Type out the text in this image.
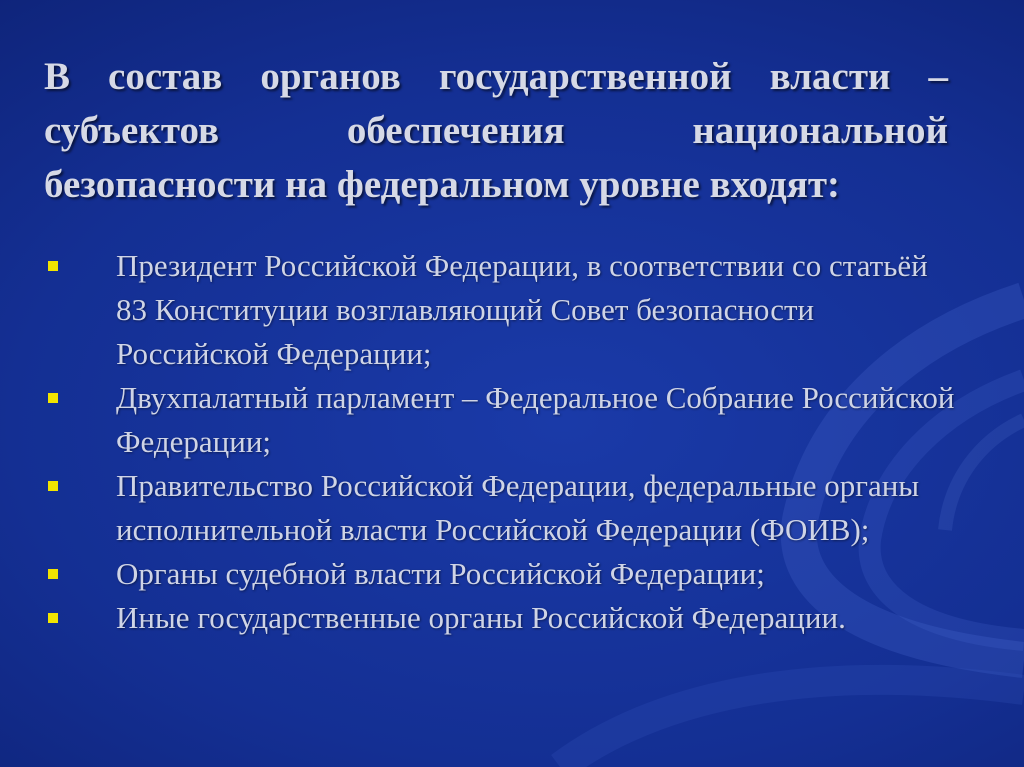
В состав органов государственной власти – субъектов обеспечения национальной безопасности на федеральном уровне входят:
Президент Российской Федерации, в соответствии со статьёй 83 Конституции возглавляющий Совет безопасности Российской Федерации;
Двухпалатный парламент – Федеральное Собрание Российской Федерации;
Правительство Российской Федерации, федеральные органы исполнительной власти Российской Федерации (ФОИВ);
Органы судебной власти Российской Федерации;
Иные государственные органы Российской Федерации.
